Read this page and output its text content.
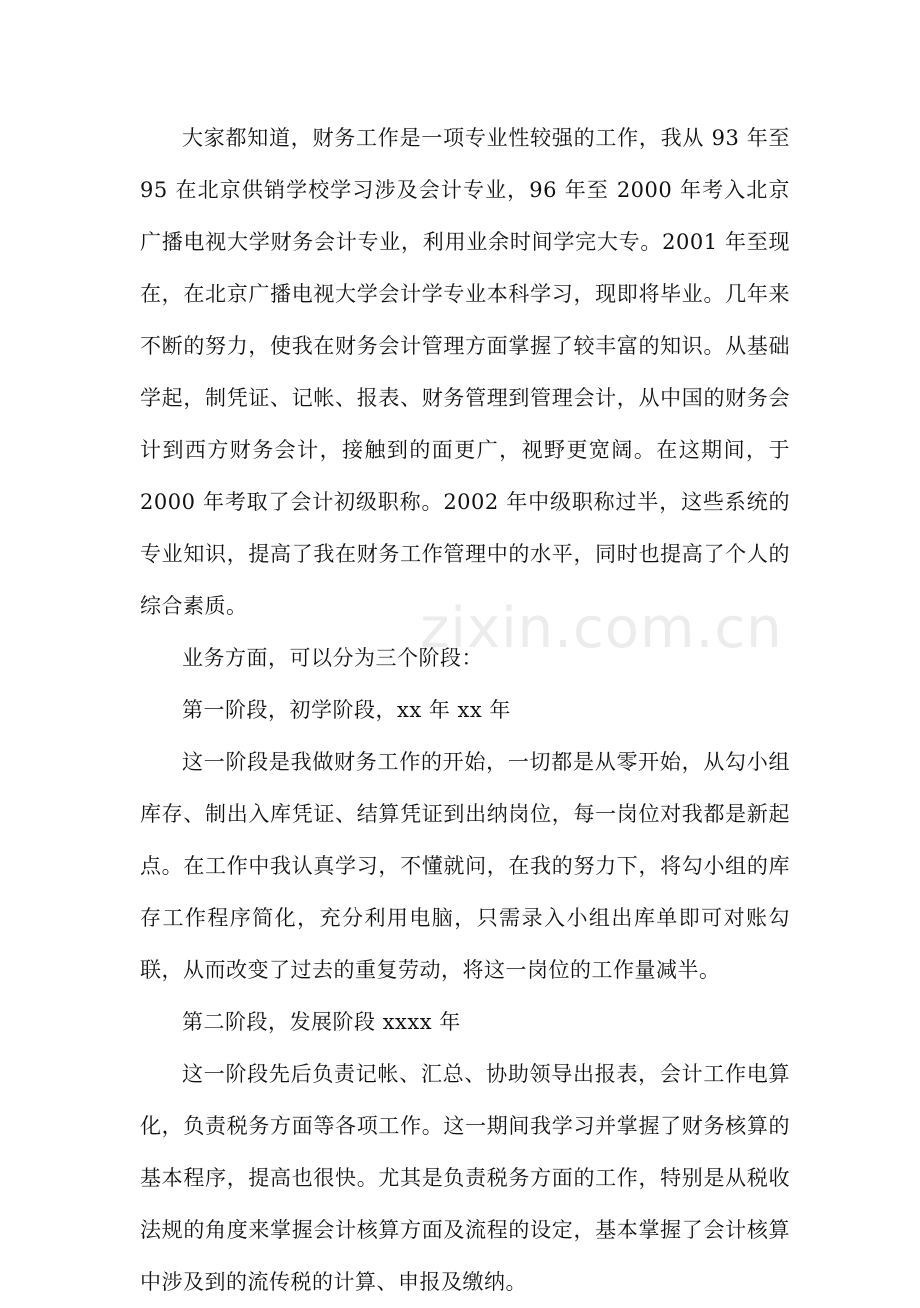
大家都知道，财务工作是一项专业性较强的工作，我从 93 年至 95 在北京供销学校学习涉及会计专业，96 年至 2000 年考入北京广播电视大学财务会计专业，利用业余时间学完大专。2001 年至现在，在北京广播电视大学会计学专业本科学习，现即将毕业。几年来不断的努力，使我在财务会计管理方面掌握了较丰富的知识。从基础学起，制凭证、记帐、报表、财务管理到管理会计，从中国的财务会计到西方财务会计，接触到的面更广，视野更宽阔。在这期间，于 2000 年考取了会计初级职称。2002 年中级职称过半，这些系统的专业知识，提高了我在财务工作管理中的水平，同时也提高了个人的综合素质。

业务方面，可以分为三个阶段：

第一阶段，初学阶段，xx 年 xx 年

这一阶段是我做财务工作的开始，一切都是从零开始，从勾小组库存、制出入库凭证、结算凭证到出纳岗位，每一岗位对我都是新起点。在工作中我认真学习，不懂就问，在我的努力下，将勾小组的库存工作程序简化，充分利用电脑，只需录入小组出库单即可对账勾联，从而改变了过去的重复劳动，将这一岗位的工作量减半。

第二阶段，发展阶段 xxxx 年

这一阶段先后负责记帐、汇总、协助领导出报表，会计工作电算化，负责税务方面等各项工作。这一期间我学习并掌握了财务核算的基本程序，提高也很快。尤其是负责税务方面的工作，特别是从税收法规的角度来掌握会计核算方面及流程的设定，基本掌握了会计核算中涉及到的流传税的计算、申报及缴纳。

zixin.com.cn
